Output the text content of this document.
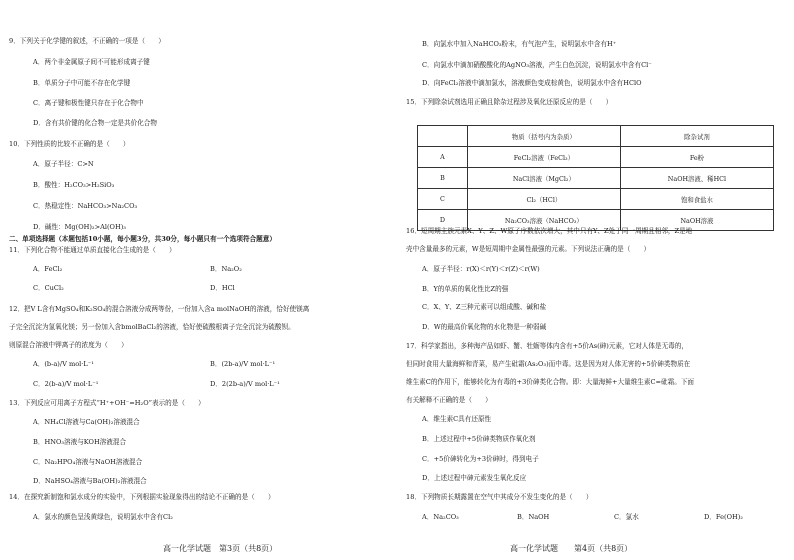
9．下列关于化学键的叙述，不正确的一项是（　　）
A．两个非金属原子间不可能形成离子键
B．单质分子中可能不存在化学键
C．离子键和极性键只存在于化合物中
D．含有共价键的化合物一定是共价化合物
10．下列性质的比较不正确的是（　　）
A．原子半径：C>N
B．酸性：H₂CO₃>H₂SiO₃
C．热稳定性：NaHCO₃>Na₂CO₃
D．碱性：Mg(OH)₂>Al(OH)₃
二、单项选择题（本题包括10小题，每小题3分，共30分，每小题只有一个选项符合题意）
11．下列化合物不能通过单质直接化合生成的是（　　）
A．FeCl₂	B．Na₂O₂
C．CuCl₂	D．HCl
12．把V L含有MgSO₄和K₂SO₄的混合溶液分成两等份，一份加入含a molNaOH的溶液，恰好使镁离
子完全沉淀为氢氧化镁；另一份加入含bmolBaCl₂的溶液，恰好使硫酸根离子完全沉淀为硫酸钡。
则原混合溶液中钾离子的浓度为（　　）
A．(b-a)/V mol·L⁻¹	B．(2b-a)/V mol·L⁻¹
C．2(b-a)/V mol·L⁻¹	D．2(2b-a)/V mol·L⁻¹
13．下列反应可用离子方程式“H⁺+OH⁻=H₂O”表示的是（　　）
A．NH₄Cl溶液与Ca(OH)₂溶液混合
B．HNO₃溶液与KOH溶液混合
C．Na₂HPO₄溶液与NaOH溶液混合
D．NaHSO₄溶液与Ba(OH)₂溶液混合
14．在探究新制饱和氯水成分的实验中，下列根据实验现象得出的结论不正确的是（　　）
A．氯水的颜色呈浅黄绿色，说明氯水中含有Cl₂
高一化学试题　第3页（共8页）
B．向氯水中加入NaHCO₃粉末，有气泡产生，说明氯水中含有H⁺
C．向氯水中滴加硝酸酸化的AgNO₃溶液，产生白色沉淀，说明氯水中含有Cl⁻
D．向FeCl₂溶液中滴加氯水，溶液颜色变成棕黄色，说明氯水中含有HClO
15．下列除杂试剂选用正确且除杂过程涉及氧化还原反应的是（　　）
	物质（括号内为杂质）	除杂试剂
A	FeCl₂溶液（FeCl₃）	Fe粉
B	NaCl溶液（MgCl₂）	NaOH溶液、稀HCl
C	Cl₂（HCl）	饱和食盐水
D	Na₂CO₃溶液（NaHCO₃）	NaOH溶液
16．短周期主族元素X、Y、Z、W原子序数依次增大，其中只有Y、Z处于同一周期且相邻，Z是地
壳中含量最多的元素，W是短周期中金属性最强的元素。下列说法正确的是（　　）
A．原子半径：r(X)＜r(Y)＜r(Z)＜r(W)
B．Y的单质的氧化性比Z的强
C．X、Y、Z三种元素可以组成酸、碱和盐
D．W的最高价氧化物的水化物是一种弱碱
17．科学家指出，多种海产品如虾、蟹、牡蛎等体内含有+5价As(砷)元素，它对人体是无毒的，
但同时食用大量海鲜和青菜，易产生砒霜(As₂O₃)而中毒。这是因为对人体无害的+5价砷类物质在
维生素C的作用下，能够转化为有毒的+3价砷类化合物。即：大量海鲜+大量维生素C=砒霜。下面
有关解释不正确的是（　　）
A．维生素C具有还原性
B．上述过程中+5价砷类物质作氧化剂
C．+5价砷转化为+3价砷时，得到电子
D．上述过程中砷元素发生氧化反应
18．下列物质长期露置在空气中其成分不发生变化的是（　　）
A．Na₂CO₃	B．NaOH	C．氯水	D．Fe(OH)₂
高一化学试题　　第4页（共8页）
